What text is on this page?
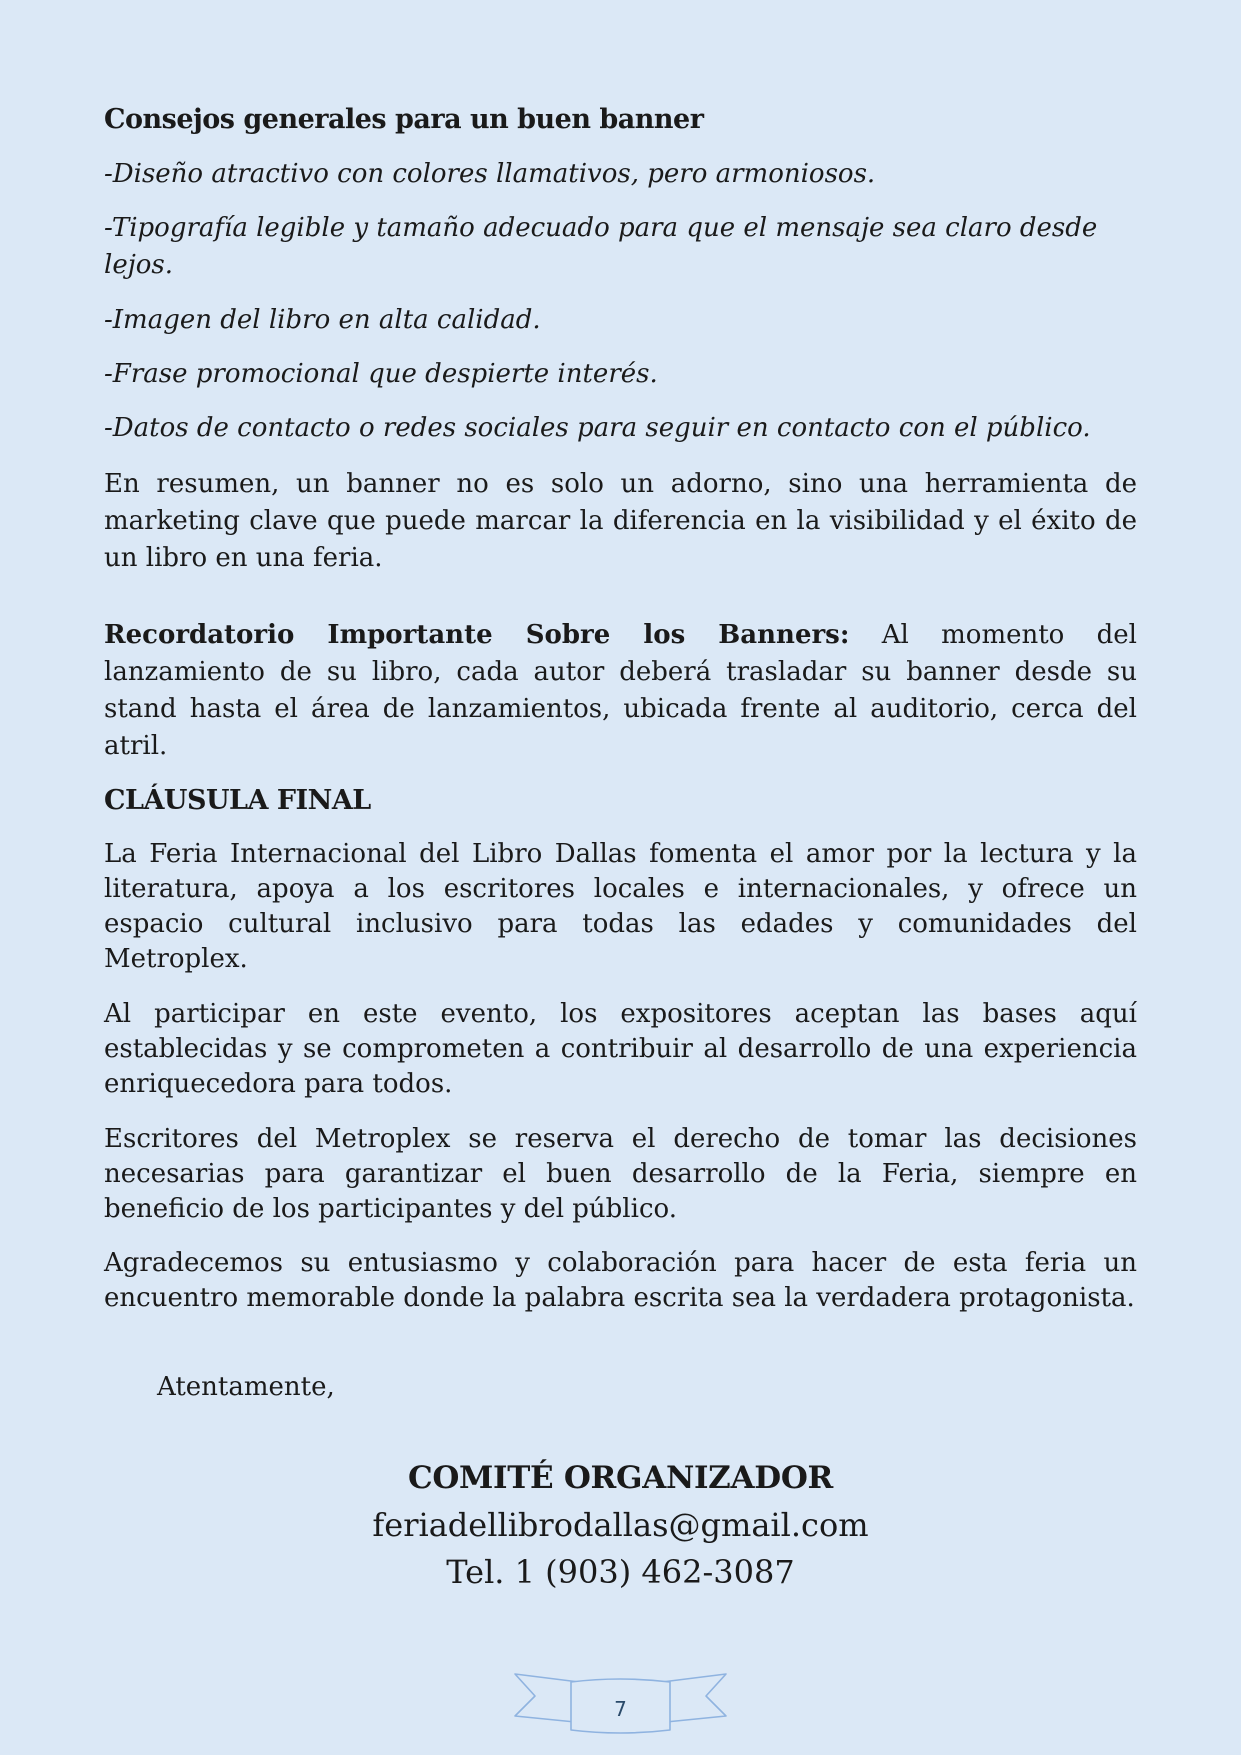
Consejos generales para un buen banner

-Diseño atractivo con colores llamativos, pero armoniosos.

-Tipografía legible y tamaño adecuado para que el mensaje sea claro desde lejos.

-Imagen del libro en alta calidad.

-Frase promocional que despierte interés.

-Datos de contacto o redes sociales para seguir en contacto con el público.

En resumen, un banner no es solo un adorno, sino una herramienta de marketing clave que puede marcar la diferencia en la visibilidad y el éxito de un libro en una feria.

Recordatorio Importante Sobre los Banners: Al momento del lanzamiento de su libro, cada autor deberá trasladar su banner desde su stand hasta el área de lanzamientos, ubicada frente al auditorio, cerca del atril.

CLÁUSULA FINAL

La Feria Internacional del Libro Dallas fomenta el amor por la lectura y la literatura, apoya a los escritores locales e internacionales, y ofrece un espacio cultural inclusivo para todas las edades y comunidades del Metroplex.

Al participar en este evento, los expositores aceptan las bases aquí establecidas y se comprometen a contribuir al desarrollo de una experiencia enriquecedora para todos.

Escritores del Metroplex se reserva el derecho de tomar las decisiones necesarias para garantizar el buen desarrollo de la Feria, siempre en beneficio de los participantes y del público.

Agradecemos su entusiasmo y colaboración para hacer de esta feria un encuentro memorable donde la palabra escrita sea la verdadera protagonista.

Atentamente,

COMITÉ ORGANIZADOR
feriadellibrodallas@gmail.com
Tel. 1 (903) 462-3087
7
